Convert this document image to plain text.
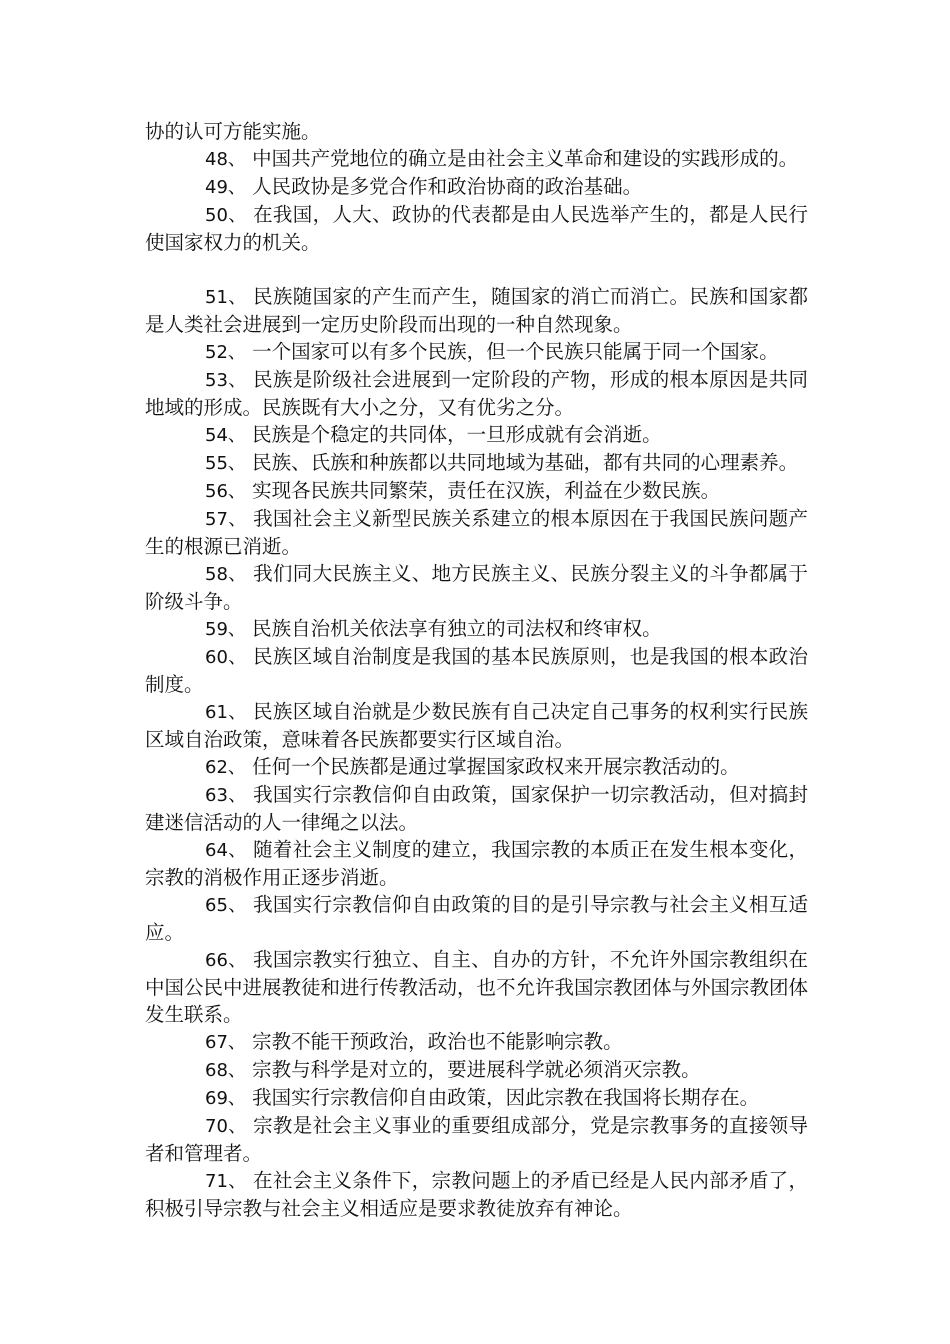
协的认可方能实施。

48、 中国共产党地位的确立是由社会主义革命和建设的实践形成的。

49、 人民政协是多党合作和政治协商的政治基础。

50、 在我国，人大、政协的代表都是由人民选举产生的，都是人民行使国家权力的机关。

51、 民族随国家的产生而产生，随国家的消亡而消亡。民族和国家都是人类社会进展到一定历史阶段而出现的一种自然现象。

52、 一个国家可以有多个民族，但一个民族只能属于同一个国家。

53、 民族是阶级社会进展到一定阶段的产物，形成的根本原因是共同地域的形成。民族既有大小之分，又有优劣之分。

54、 民族是个稳定的共同体，一旦形成就有会消逝。

55、 民族、氏族和种族都以共同地域为基础，都有共同的心理素养。

56、 实现各民族共同繁荣，责任在汉族，利益在少数民族。

57、 我国社会主义新型民族关系建立的根本原因在于我国民族问题产生的根源已消逝。

58、 我们同大民族主义、地方民族主义、民族分裂主义的斗争都属于阶级斗争。

59、 民族自治机关依法享有独立的司法权和终审权。

60、 民族区域自治制度是我国的基本民族原则，也是我国的根本政治制度。

61、 民族区域自治就是少数民族有自己决定自己事务的权利实行民族区域自治政策，意味着各民族都要实行区域自治。

62、 任何一个民族都是通过掌握国家政权来开展宗教活动的。

63、 我国实行宗教信仰自由政策，国家保护一切宗教活动，但对搞封建迷信活动的人一律绳之以法。

64、 随着社会主义制度的建立，我国宗教的本质正在发生根本变化，宗教的消极作用正逐步消逝。

65、 我国实行宗教信仰自由政策的目的是引导宗教与社会主义相互适应。

66、 我国宗教实行独立、自主、自办的方针，不允许外国宗教组织在中国公民中进展教徒和进行传教活动，也不允许我国宗教团体与外国宗教团体发生联系。

67、 宗教不能干预政治，政治也不能影响宗教。

68、 宗教与科学是对立的，要进展科学就必须消灭宗教。

69、 我国实行宗教信仰自由政策，因此宗教在我国将长期存在。

70、 宗教是社会主义事业的重要组成部分，党是宗教事务的直接领导者和管理者。

71、 在社会主义条件下，宗教问题上的矛盾已经是人民内部矛盾了，积极引导宗教与社会主义相适应是要求教徒放弃有神论。
